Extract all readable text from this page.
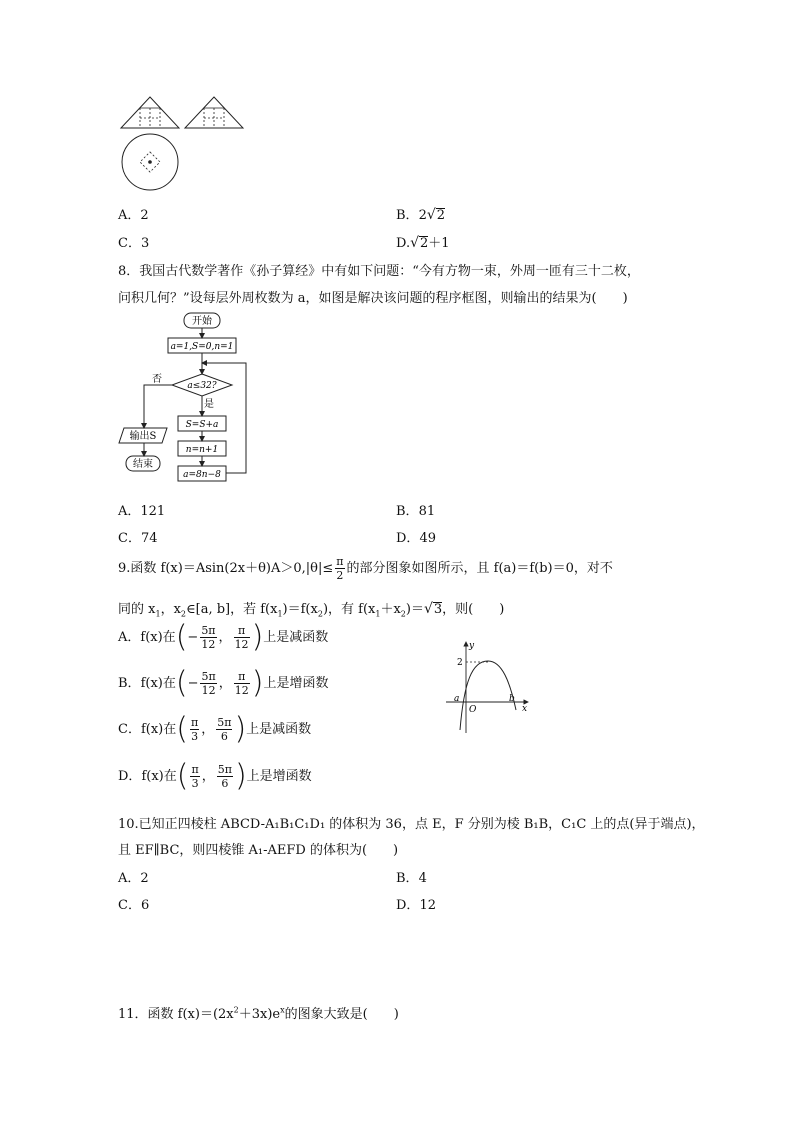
A．2	B．2√2
C．3	D.√2＋1
8．我国古代数学著作《孙子算经》中有如下问题：“今有方物一束，外周一匝有三十二枚，
问积几何？”设每层外周枚数为 a，如图是解决该问题的程序框图，则输出的结果为(　　)
开始
a=1,S=0,n=1
a≤32?
否
是
S=S+a
n=n+1
a=8n−8
输出S
结束
A．121	B．81
C．74	D．49
9.函数 $f(x)=Asin(2x+\theta)A>0,|\theta|\le \frac{\pi}{2}$ 的部分图象如图所示，且 f(a)＝f(b)＝0，对不
同的 $x_1$，$x_2\in[a$, b]，若 $f(x_1)=f(x_2)$，有 $f(x_1+x_2)=√3$，则(　　)
A．f(x)在(− $\frac{5\pi}{12}$ ， $\frac{\pi}{12}$ )上是减函数
B．f(x)在(− $\frac{5\pi}{12}$ ， $\frac{\pi}{12}$ )上是增函数
C．f(x)在( $\frac{\pi}{3}$ ， $\frac{5\pi}{6}$ )上是减函数
D．f(x)在( $\frac{\pi}{3}$ ， $\frac{5\pi}{6}$ )上是增函数
y
x
2
a
O
b
10.已知正四棱柱 ABCD-A₁B₁C₁D₁ 的体积为 36，点 E，F 分别为棱 B₁B，C₁C 上的点(异于端点)，
且 EF∥BC，则四棱锥 A₁-AEFD 的体积为(　　)
A．2	B．4
C．6	D．12
11．函数 $f(x)=(2x^2+3x)e^x$的图象大致是(　　)
